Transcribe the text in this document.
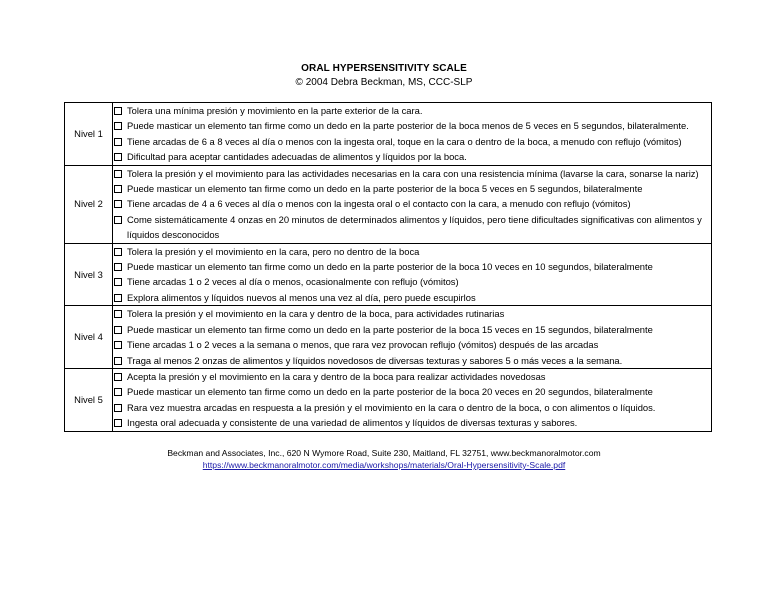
ORAL HYPERSENSITIVITY SCALE
© 2004 Debra Beckman, MS, CCC-SLP
Nivel 1	Tolera una mínima presión y movimiento en la parte exterior de la cara.
Puede masticar un elemento tan firme como un dedo en la parte posterior de la boca menos de 5 veces en 5 segundos, bilateralmente.
Tiene arcadas de 6 a 8 veces al día o menos con la ingesta oral, toque en la cara o dentro de la boca, a menudo con reflujo (vómitos)
Dificultad para aceptar cantidades adecuadas de alimentos y líquidos por la boca.

Nivel 2	Tolera la presión y el movimiento para las actividades necesarias en la cara con una resistencia mínima (lavarse la cara, sonarse la nariz)
Puede masticar un elemento tan firme como un dedo en la parte posterior de la boca 5 veces en 5 segundos, bilateralmente
Tiene arcadas de 4 a 6 veces al día o menos con la ingesta oral o el contacto con la cara, a menudo con reflujo (vómitos)
Come sistemáticamente 4 onzas en 20 minutos de determinados alimentos y líquidos, pero tiene dificultades significativas con alimentos y líquidos desconocidos

Nivel 3	Tolera la presión y el movimiento en la cara, pero no dentro de la boca
Puede masticar un elemento tan firme como un dedo en la parte posterior de la boca 10 veces en 10 segundos, bilateralmente
Tiene arcadas 1 o 2 veces al día o menos, ocasionalmente con reflujo (vómitos)
Explora alimentos y líquidos nuevos al menos una vez al día, pero puede escupirlos

Nivel 4	Tolera la presión y el movimiento en la cara y dentro de la boca, para actividades rutinarias
Puede masticar un elemento tan firme como un dedo en la parte posterior de la boca 15 veces en 15 segundos, bilateralmente
Tiene arcadas 1 o 2 veces a la semana o menos, que rara vez provocan reflujo (vómitos) después de las arcadas
Traga al menos 2 onzas de alimentos y líquidos novedosos de diversas texturas y sabores 5 o más veces a la semana.

Nivel 5	Acepta la presión y el movimiento en la cara y dentro de la boca para realizar actividades novedosas
Puede masticar un elemento tan firme como un dedo en la parte posterior de la boca 20 veces en 20 segundos, bilateralmente
Rara vez muestra arcadas en respuesta a la presión y el movimiento en la cara o dentro de la boca, o con alimentos o líquidos.
Ingesta oral adecuada y consistente de una variedad de alimentos y líquidos de diversas texturas y sabores.
Beckman and Associates, Inc., 620 N Wymore Road, Suite 230, Maitland, FL 32751, www.beckmanoralmotor.com
https://www.beckmanoralmotor.com/media/workshops/materials/Oral-Hypersensitivity-Scale.pdf
